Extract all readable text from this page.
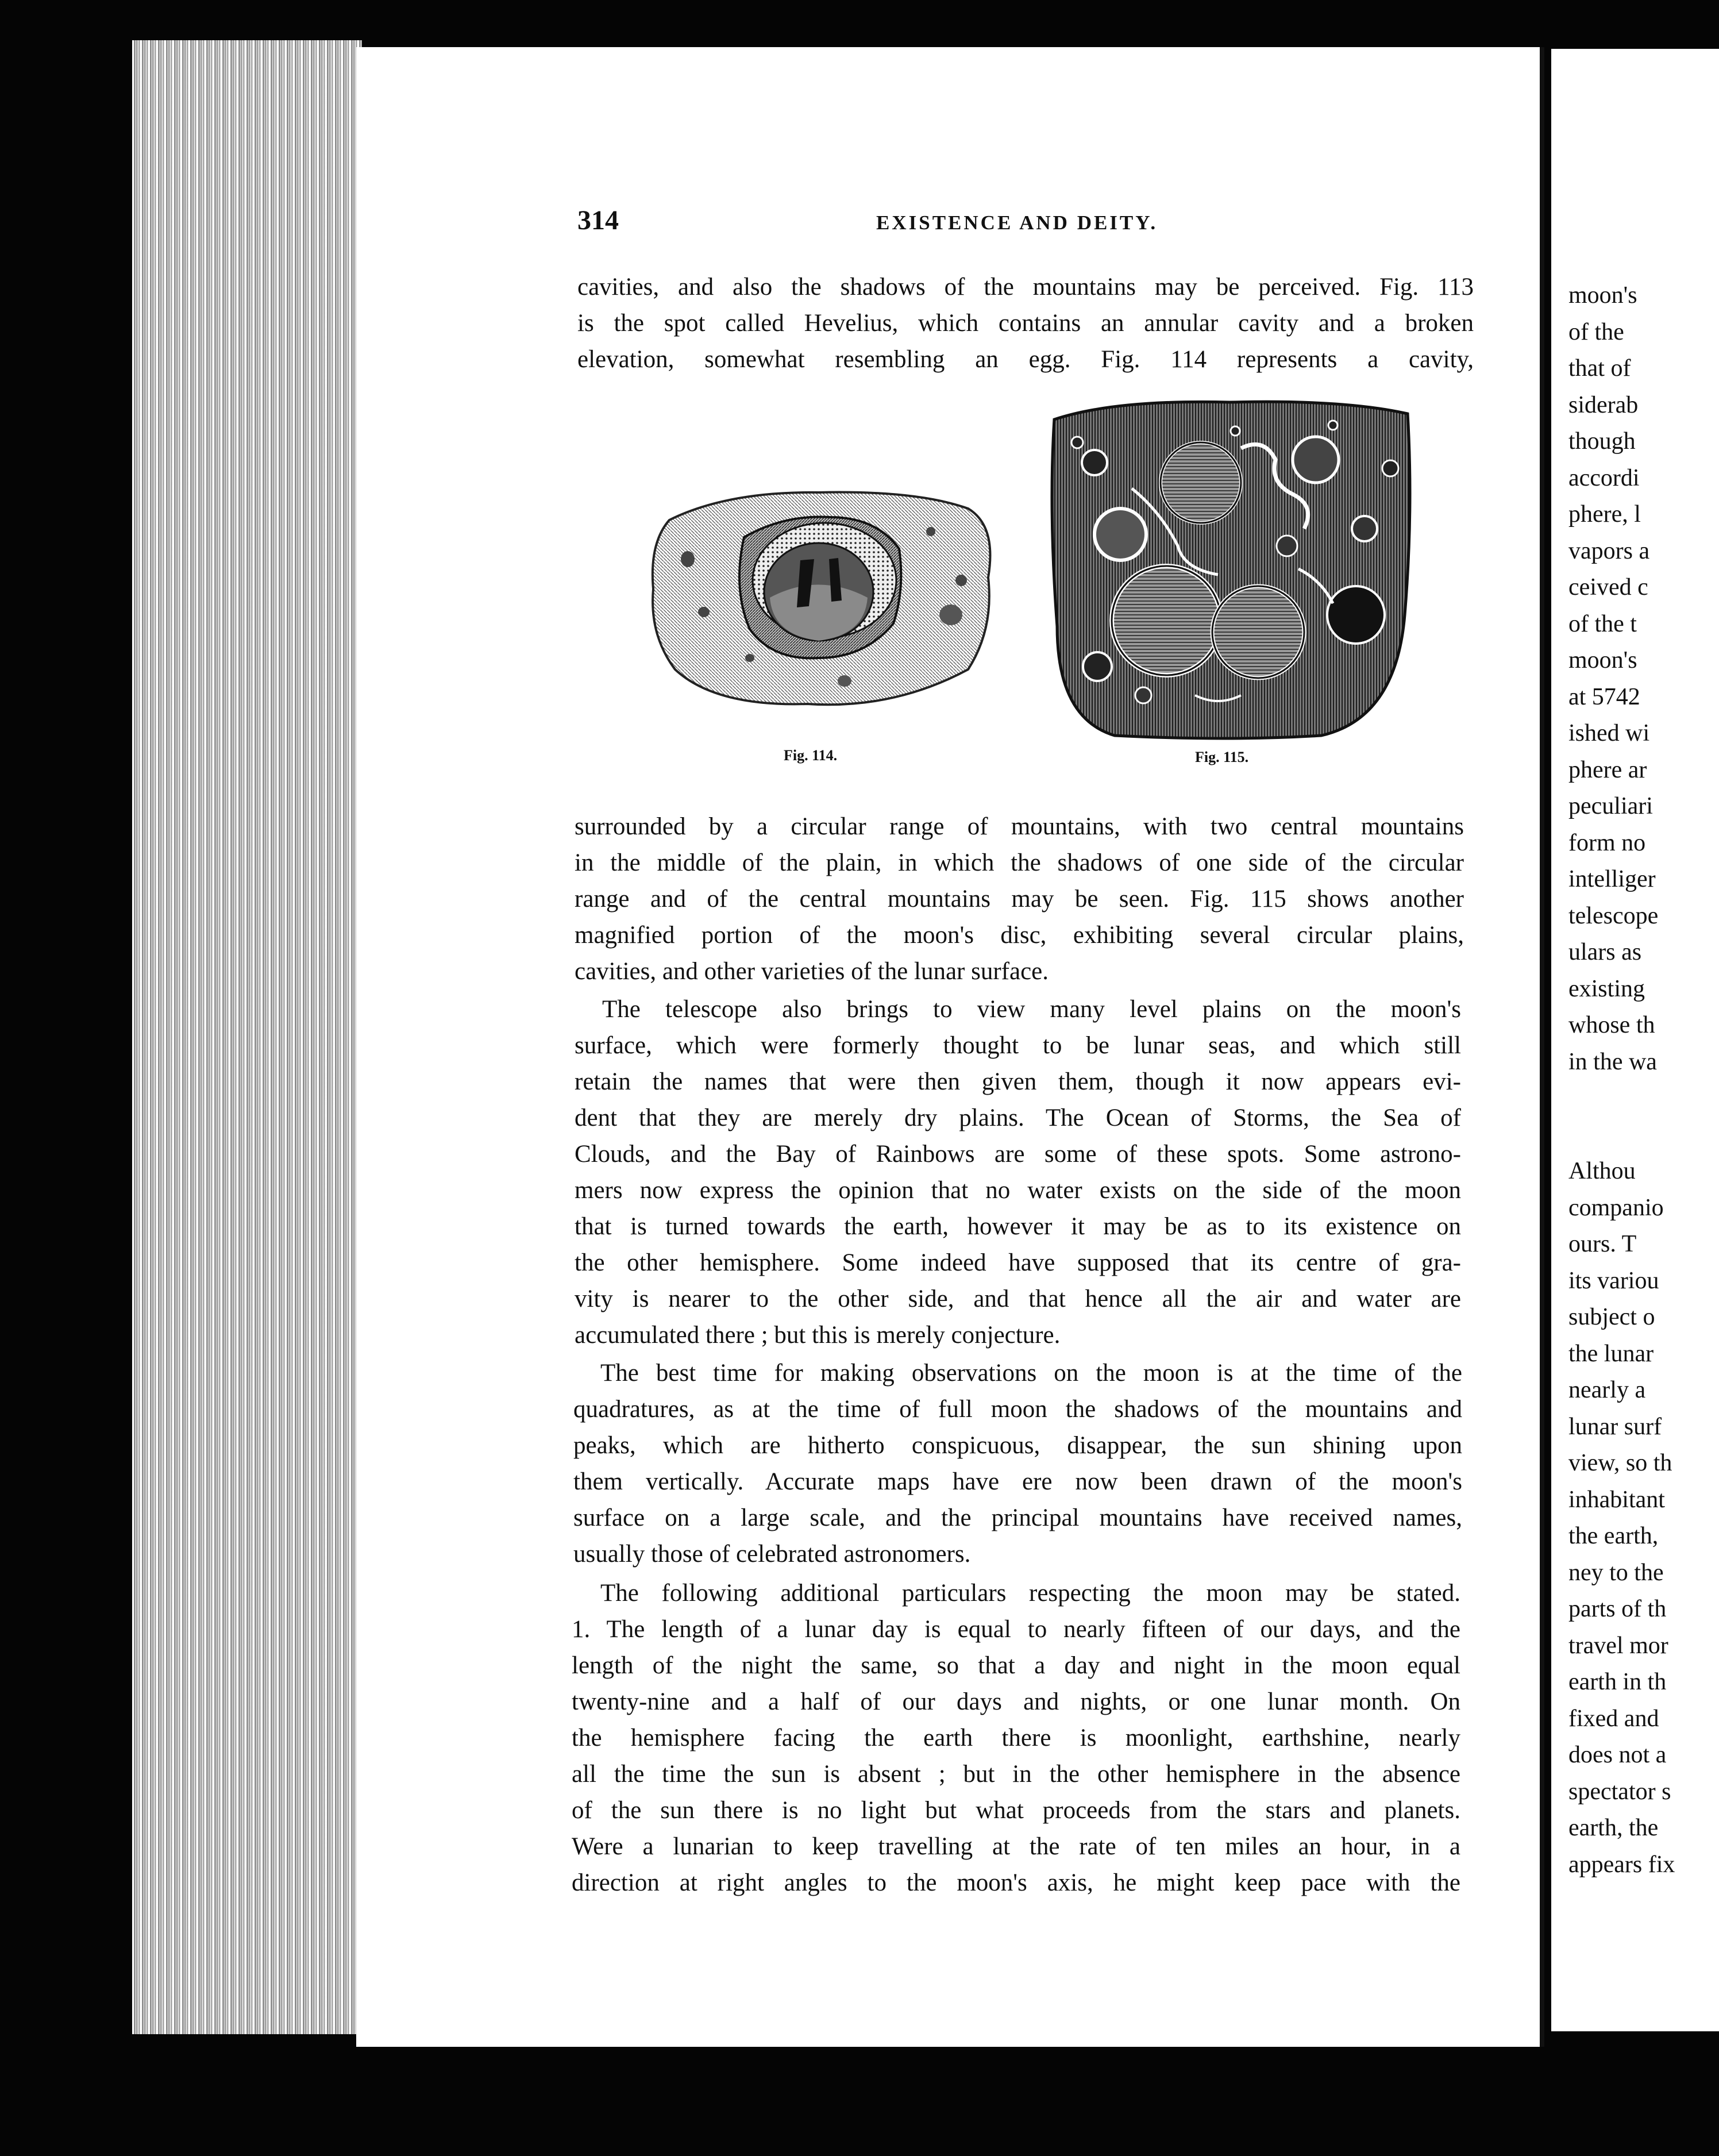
314	EXISTENCE AND DEITY.
cavities, and also the shadows of the mountains may be perceived. Fig. 113
is the spot called Hevelius, which contains an annular cavity and a broken
elevation, somewhat resembling an egg. Fig. 114 represents a cavity,
Fig. 114.	Fig. 115.
surrounded by a circular range of mountains, with two central mountains
in the middle of the plain, in which the shadows of one side of the circular
range and of the central mountains may be seen. Fig. 115 shows another
magnified portion of the moon's disc, exhibiting several circular plains,
cavities, and other varieties of the lunar surface.
The telescope also brings to view many level plains on the moon's
surface, which were formerly thought to be lunar seas, and which still
retain the names that were then given them, though it now appears evi-
dent that they are merely dry plains. The Ocean of Storms, the Sea of
Clouds, and the Bay of Rainbows are some of these spots. Some astrono-
mers now express the opinion that no water exists on the side of the moon
that is turned towards the earth, however it may be as to its existence on
the other hemisphere. Some indeed have supposed that its centre of gra-
vity is nearer to the other side, and that hence all the air and water are
accumulated there ; but this is merely conjecture.
The best time for making observations on the moon is at the time of the
quadratures, as at the time of full moon the shadows of the mountains and
peaks, which are hitherto conspicuous, disappear, the sun shining upon
them vertically. Accurate maps have ere now been drawn of the moon's
surface on a large scale, and the principal mountains have received names,
usually those of celebrated astronomers.
The following additional particulars respecting the moon may be stated.
1. The length of a lunar day is equal to nearly fifteen of our days, and the
length of the night the same, so that a day and night in the moon equal
twenty-nine and a half of our days and nights, or one lunar month. On
the hemisphere facing the earth there is moonlight, earthshine, nearly
all the time the sun is absent ; but in the other hemisphere in the absence
of the sun there is no light but what proceeds from the stars and planets.
Were a lunarian to keep travelling at the rate of ten miles an hour, in a
direction at right angles to the moon's axis, he might keep pace with the
moon's
of the
that of
siderab
though
accordi
phere, l
vapors a
ceived c
of the t
moon's
at 5742
ished wi
phere ar
peculiari
form no
intelliger
telescope
ulars as
existing
whose th
in the wa
Althou
companio
ours. T
its variou
subject o
the lunar
nearly a
lunar surf
view, so th
inhabitant
the earth,
ney to the
parts of th
travel mor
earth in th
fixed and
does not a
spectator s
earth, the
appears fix
